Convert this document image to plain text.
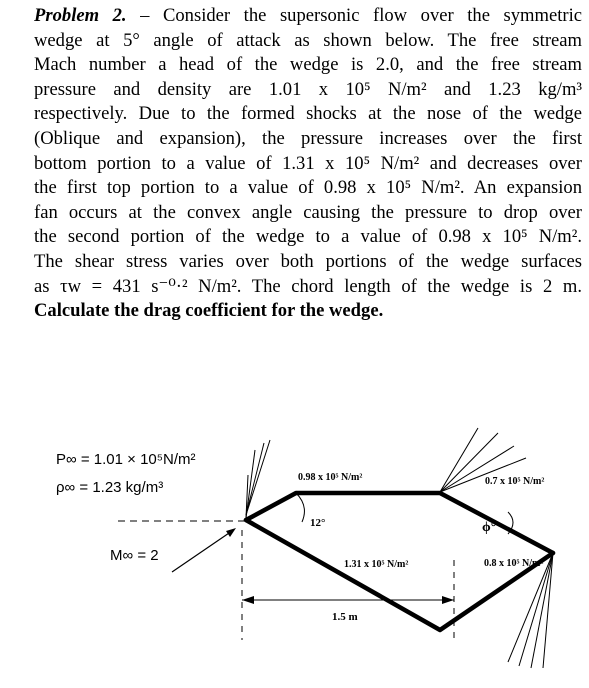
Problem 2. – Consider the supersonic flow over the symmetric
wedge at 5° angle of attack as shown below. The free stream
Mach number a head of the wedge is 2.0, and the free stream
pressure and density are 1.01 x 10⁵ N/m² and 1.23 kg/m³
respectively. Due to the formed shocks at the nose of the wedge
(Oblique and expansion), the pressure increases over the first
bottom portion to a value of 1.31 x 10⁵ N/m² and decreases over
the first top portion to a value of 0.98 x 10⁵ N/m². An expansion
fan occurs at the convex angle causing the pressure to drop over
the second portion of the wedge to a value of 0.98 x 10⁵ N/m².
The shear stress varies over both portions of the wedge surfaces
as τw = 431 s⁻⁰·² N/m². The chord length of the wedge is 2 m.
Calculate the drag coefficient for the wedge.
P∞ = 1.01 × 10⁵N/m²
ρ∞ = 1.23 kg/m³
M∞ = 2
12°	ϕ°
0.98 x 10⁵ N/m²	0.7 x 10⁵ N/m²
1.31 x 10⁵ N/m²	0.8 x 10⁵ N/m²
1.5 m
